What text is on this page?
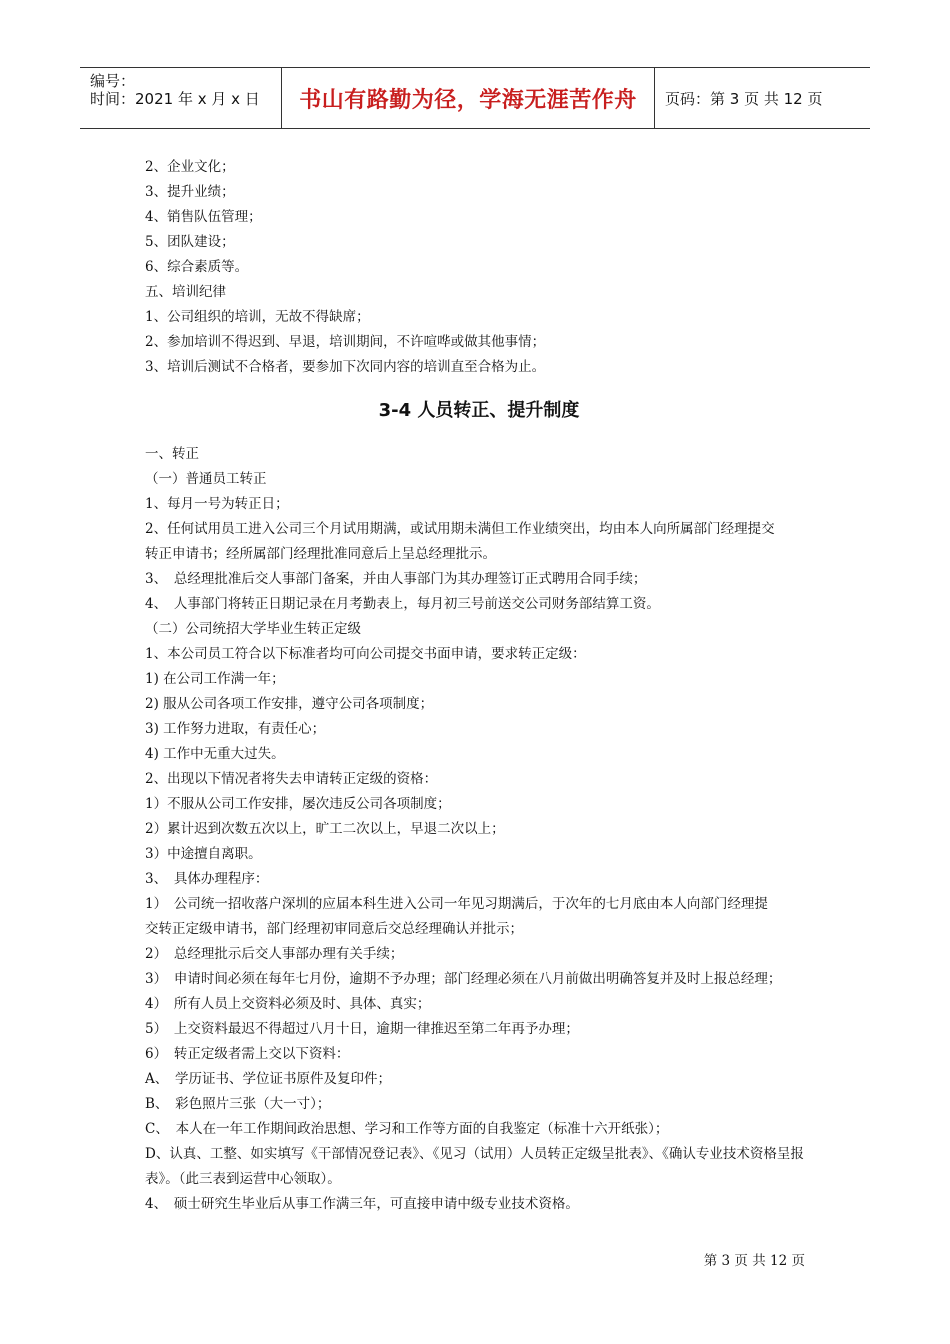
编号：
时间：2021 年 x 月 x 日	书山有路勤为径，学海无涯苦作舟	页码：第 3 页 共 12 页
2、企业文化；
3、提升业绩；
4、销售队伍管理；
5、团队建设；
6、综合素质等。
五、培训纪律
1、公司组织的培训，无故不得缺席；
2、参加培训不得迟到、早退，培训期间，不许喧哗或做其他事情；
3、培训后测试不合格者，要参加下次同内容的培训直至合格为止。
3-4 人员转正、提升制度
一、转正
（一）普通员工转正
1、每月一号为转正日；
2、任何试用员工进入公司三个月试用期满，或试用期未满但工作业绩突出，均由本人向所属部门经理提交
转正申请书；经所属部门经理批准同意后上呈总经理批示。
3、　总经理批准后交人事部门备案，并由人事部门为其办理签订正式聘用合同手续；
4、　人事部门将转正日期记录在月考勤表上，每月初三号前送交公司财务部结算工资。
（二）公司统招大学毕业生转正定级
1、本公司员工符合以下标准者均可向公司提交书面申请，要求转正定级：
1) 在公司工作满一年；
2) 服从公司各项工作安排，遵守公司各项制度；
3) 工作努力进取，有责任心；
4) 工作中无重大过失。
2、出现以下情况者将失去申请转正定级的资格：
1）不服从公司工作安排，屡次违反公司各项制度；
2）累计迟到次数五次以上，旷工二次以上，早退二次以上；
3）中途擅自离职。
3、　具体办理程序：
1）　公司统一招收落户深圳的应届本科生进入公司一年见习期满后，于次年的七月底由本人向部门经理提
交转正定级申请书，部门经理初审同意后交总经理确认并批示；
2）　总经理批示后交人事部办理有关手续；
3）　申请时间必须在每年七月份，逾期不予办理；部门经理必须在八月前做出明确答复并及时上报总经理；
4）　所有人员上交资料必须及时、具体、真实；
5）　上交资料最迟不得超过八月十日，逾期一律推迟至第二年再予办理；
6）　转正定级者需上交以下资料：
A、　学历证书、学位证书原件及复印件；
B、　彩色照片三张（大一寸）；
C、　本人在一年工作期间政治思想、学习和工作等方面的自我鉴定（标准十六开纸张）；
D、认真、工整、如实填写《干部情况登记表》、《见习（试用）人员转正定级呈批表》、《确认专业技术资格呈报
表》。（此三表到运营中心领取）。
4、　硕士研究生毕业后从事工作满三年，可直接申请中级专业技术资格。
第 3 页 共 12 页
